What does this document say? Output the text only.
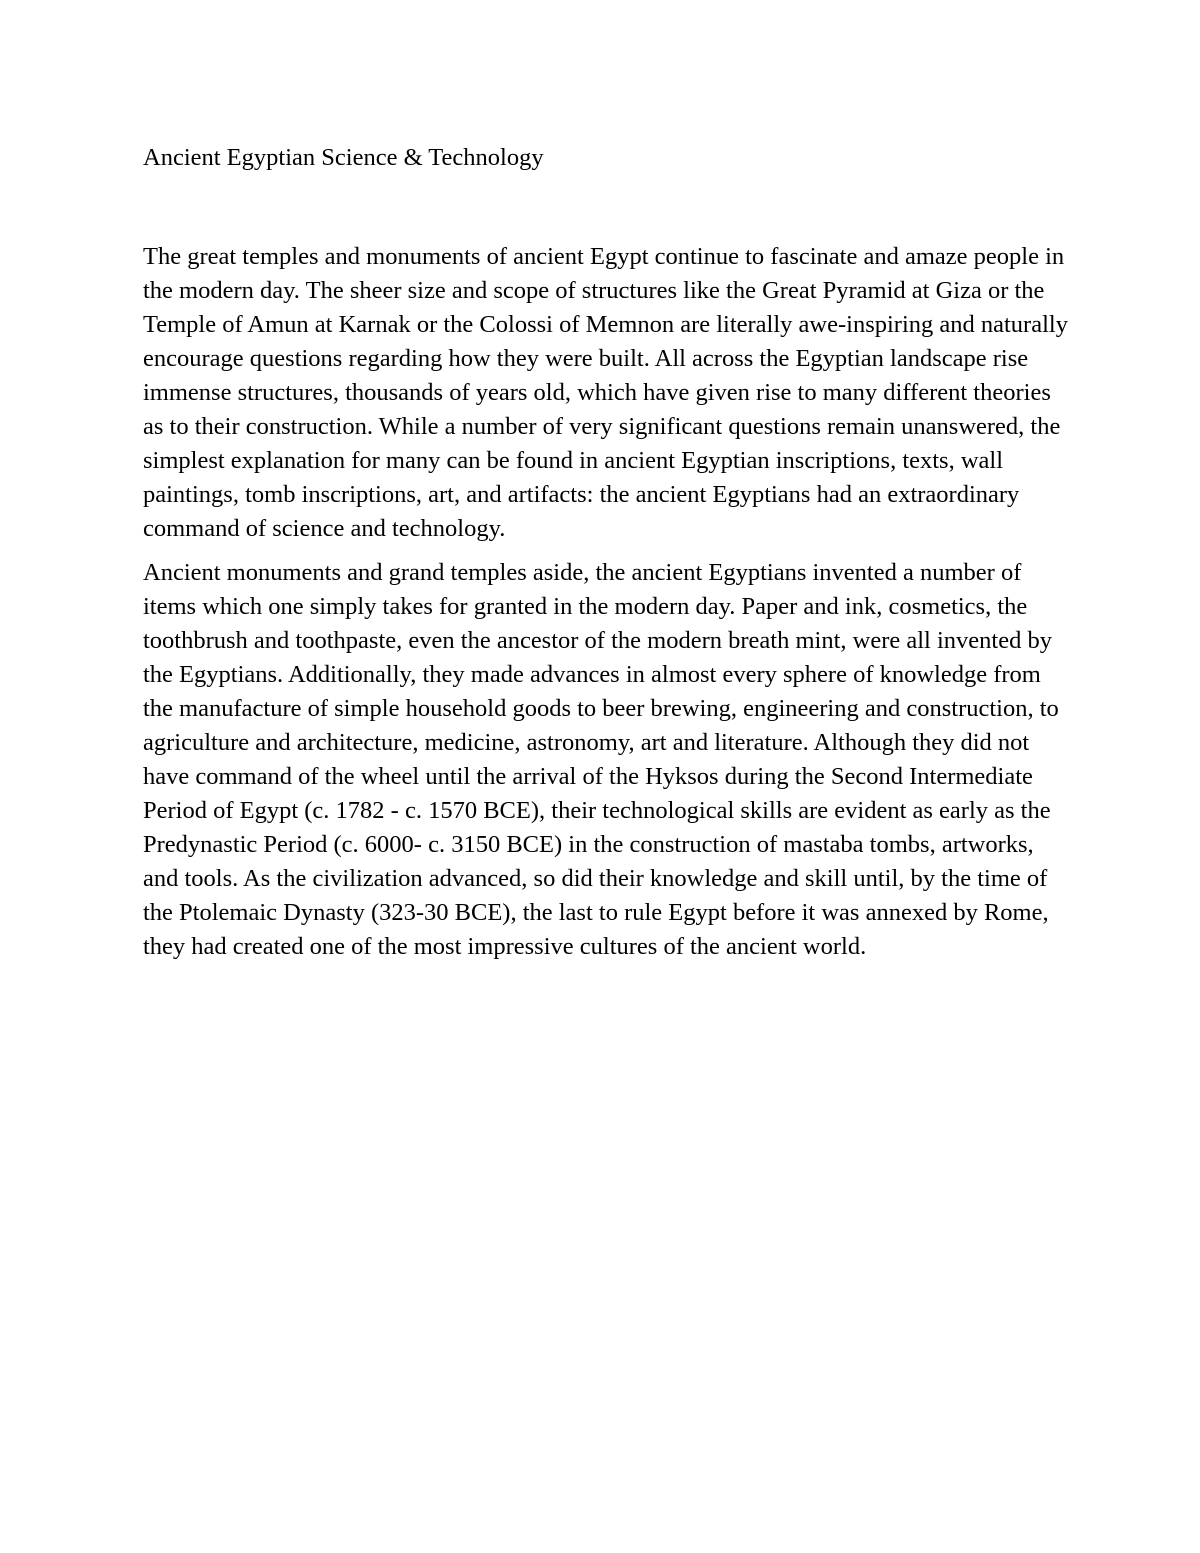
Ancient Egyptian Science & Technology

The great temples and monuments of ancient Egypt continue to fascinate and amaze people in the modern day. The sheer size and scope of structures like the Great Pyramid at Giza or the Temple of Amun at Karnak or the Colossi of Memnon are literally awe-inspiring and naturally encourage questions regarding how they were built. All across the Egyptian landscape rise immense structures, thousands of years old, which have given rise to many different theories as to their construction. While a number of very significant questions remain unanswered, the simplest explanation for many can be found in ancient Egyptian inscriptions, texts, wall paintings, tomb inscriptions, art, and artifacts: the ancient Egyptians had an extraordinary command of science and technology.

Ancient monuments and grand temples aside, the ancient Egyptians invented a number of items which one simply takes for granted in the modern day. Paper and ink, cosmetics, the toothbrush and toothpaste, even the ancestor of the modern breath mint, were all invented by the Egyptians. Additionally, they made advances in almost every sphere of knowledge from the manufacture of simple household goods to beer brewing, engineering and construction, to agriculture and architecture, medicine, astronomy, art and literature. Although they did not have command of the wheel until the arrival of the Hyksos during the Second Intermediate Period of Egypt (c. 1782 - c. 1570 BCE), their technological skills are evident as early as the Predynastic Period (c. 6000- c. 3150 BCE) in the construction of mastaba tombs, artworks, and tools. As the civilization advanced, so did their knowledge and skill until, by the time of the Ptolemaic Dynasty (323-30 BCE), the last to rule Egypt before it was annexed by Rome, they had created one of the most impressive cultures of the ancient world.
